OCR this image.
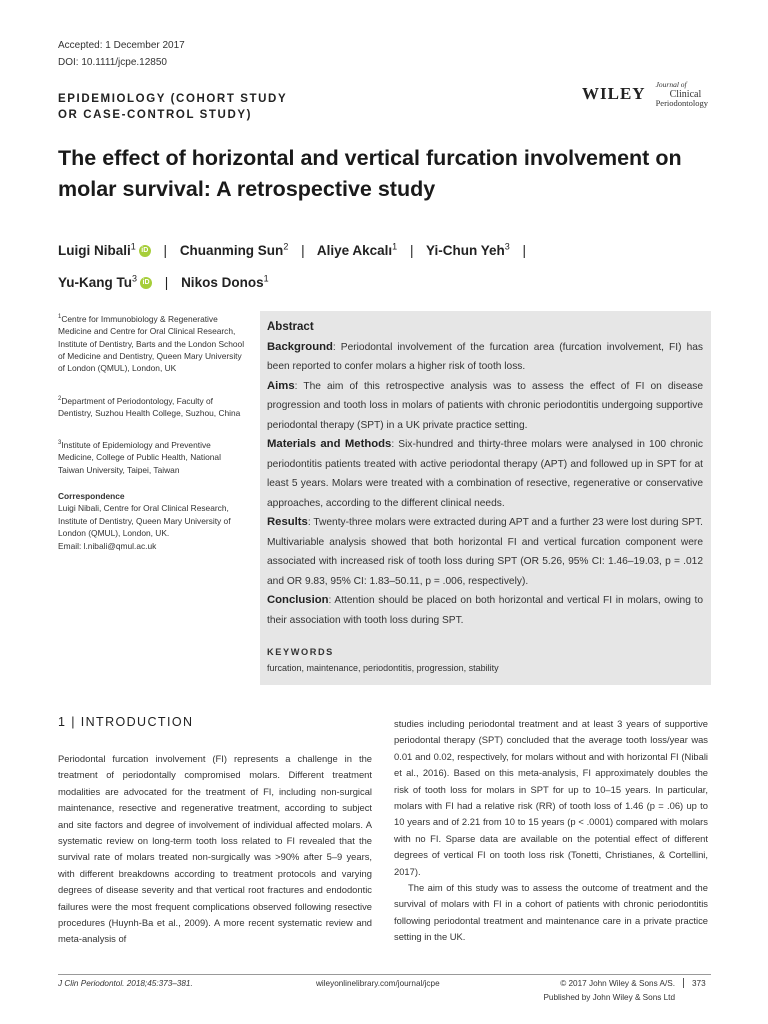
Accepted: 1 December 2017
DOI: 10.1111/jcpe.12850
EPIDEMIOLOGY (COHORT STUDY
OR CASE-CONTROL STUDY)
WILEY Journal of
Clinical
Periodontology
The effect of horizontal and vertical furcation involvement on molar survival: A retrospective study
Luigi Nibali$^1$ iD | Chuanming Sun$^2$ | Aliye Akcalı$^1$ | Yi-Chun Yeh$^3$ |
Yu-Kang Tu$^3$ iD | Nikos Donos$^1$
$^1$Centre for Immunobiology & Regenerative Medicine and Centre for Oral Clinical Research, Institute of Dentistry, Barts and the London School of Medicine and Dentistry, Queen Mary University of London (QMUL), London, UK
$^2$Department of Periodontology, Faculty of Dentistry, Suzhou Health College, Suzhou, China
$^3$Institute of Epidemiology and Preventive Medicine, College of Public Health, National Taiwan University, Taipei, Taiwan
Correspondence
Luigi Nibali, Centre for Oral Clinical Research, Institute of Dentistry, Queen Mary University of London (QMUL), London, UK.
Email: l.nibali@qmul.ac.uk
Abstract
Background: Periodontal involvement of the furcation area (furcation involvement, FI) has been reported to confer molars a higher risk of tooth loss.
Aims: The aim of this retrospective analysis was to assess the effect of FI on disease progression and tooth loss in molars of patients with chronic periodontitis undergoing supportive periodontal therapy (SPT) in a UK private practice setting.
Materials and Methods: Six-hundred and thirty-three molars were analysed in 100 chronic periodontitis patients treated with active periodontal therapy (APT) and followed up in SPT for at least 5 years. Molars were treated with a combination of resective, regenerative or conservative approaches, according to the different clinical needs.
Results: Twenty-three molars were extracted during APT and a further 23 were lost during SPT. Multivariable analysis showed that both horizontal FI and vertical furcation component were associated with increased risk of tooth loss during SPT (OR 5.26, 95% CI: 1.46–19.03, p = .012 and OR 9.83, 95% CI: 1.83–50.11, p = .006, respectively).
Conclusion: Attention should be placed on both horizontal and vertical FI in molars, owing to their association with tooth loss during SPT.
KEYWORDS
furcation, maintenance, periodontitis, progression, stability
1 | INTRODUCTION

Periodontal furcation involvement (FI) represents a challenge in the treatment of periodontally compromised molars. Different treatment modalities are advocated for the treatment of FI, including non-surgical maintenance, resective and regenerative treatment, according to subject and site factors and degree of involvement of individual affected molars. A systematic review on long-term tooth loss related to FI revealed that the survival rate of molars treated non-surgically was >90% after 5–9 years, with different breakdowns according to treatment protocols and varying degrees of disease severity and that vertical root fractures and endodontic failures were the most frequent complications observed following resective procedures (Huynh-Ba et al., 2009). A more recent systematic review and meta-analysis of

studies including periodontal treatment and at least 3 years of supportive periodontal therapy (SPT) concluded that the average tooth loss/year was 0.01 and 0.02, respectively, for molars without and with horizontal FI (Nibali et al., 2016). Based on this meta-analysis, FI approximately doubles the risk of tooth loss for molars in SPT for up to 10–15 years. In particular, molars with FI had a relative risk (RR) of tooth loss of 1.46 (p = .06) up to 10 years and of 2.21 from 10 to 15 years (p < .0001) compared with molars with no FI. Sparse data are available on the potential effect of different degrees of vertical FI on tooth loss risk (Tonetti, Christianes, & Cortellini, 2017).

The aim of this study was to assess the outcome of treatment and the survival of molars with FI in a cohort of patients with chronic periodontitis following periodontal treatment and maintenance care in a private practice setting in the UK.

J Clin Periodontol. 2018;45:373–381.	wileyonlinelibrary.com/journal/jcpe	© 2017 John Wiley & Sons A/S. 373
Published by John Wiley & Sons Ltd
